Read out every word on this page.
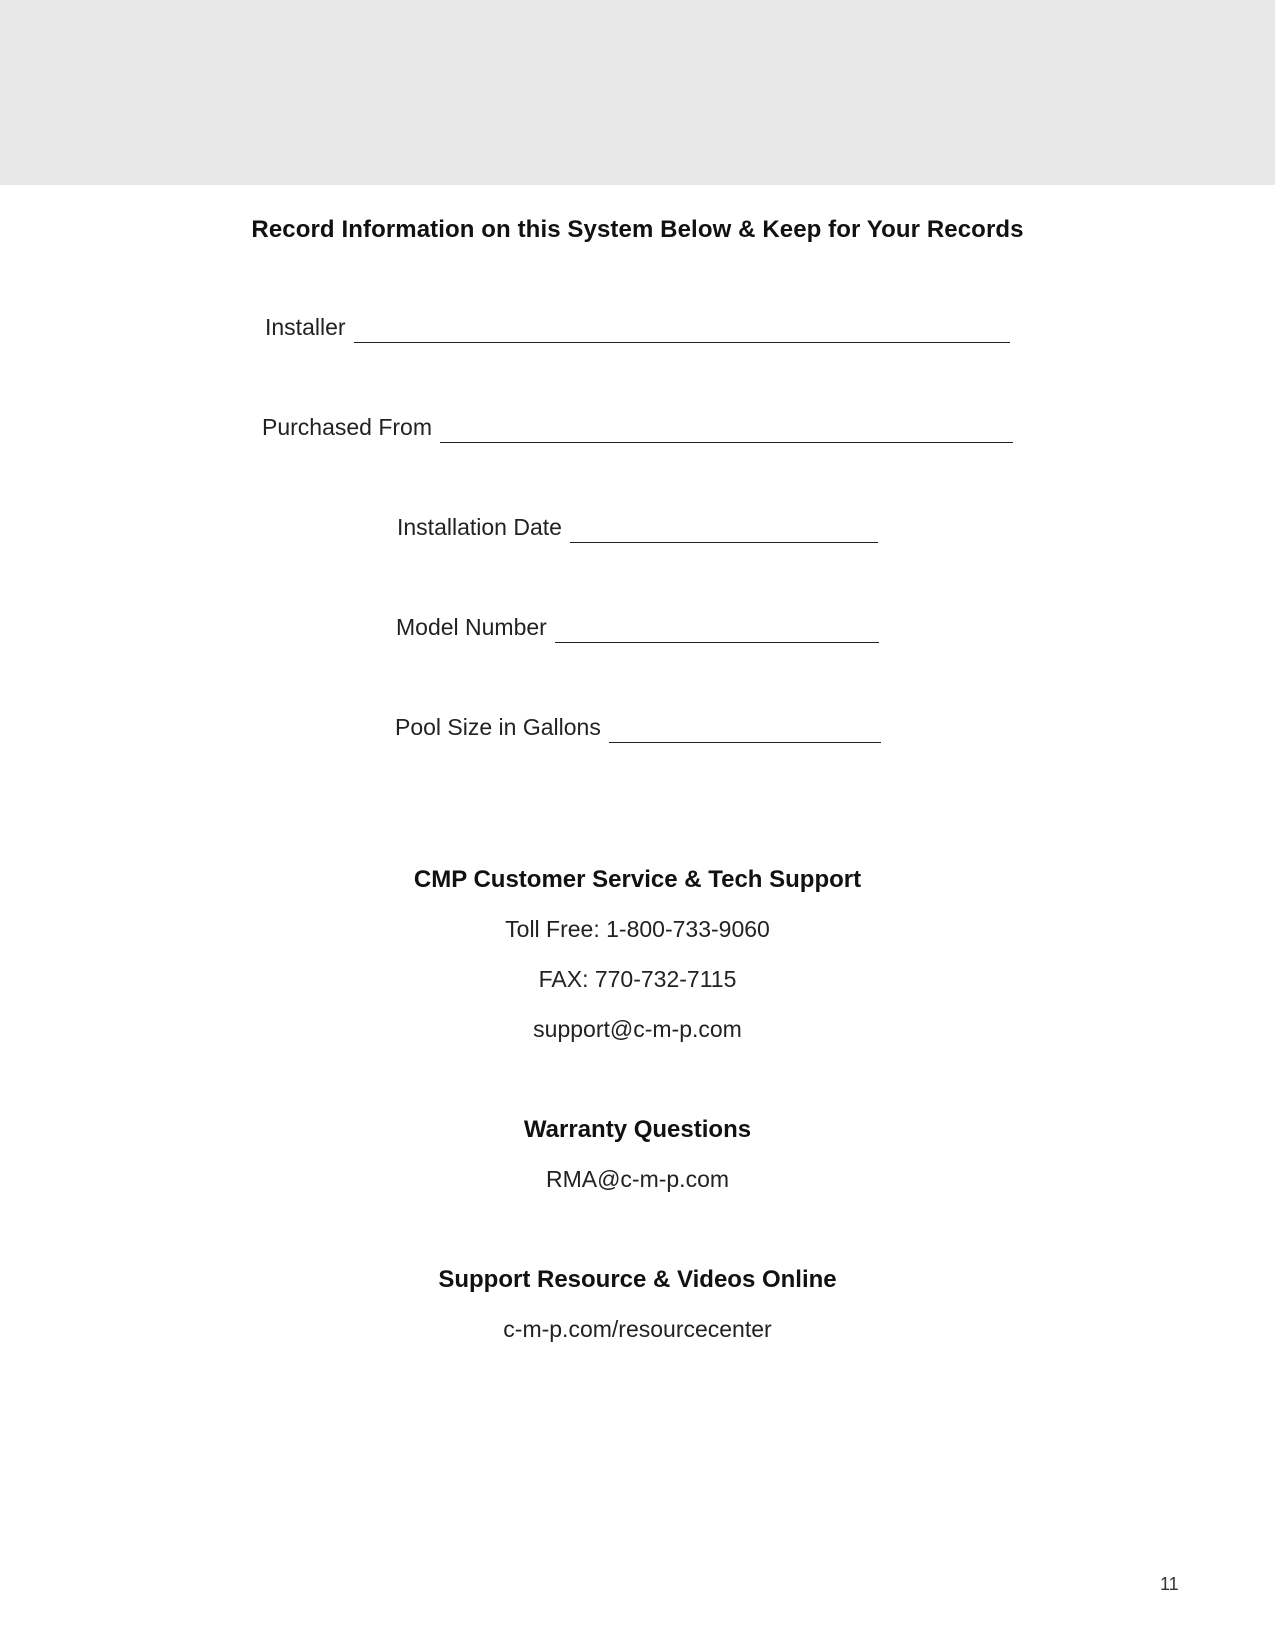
Record Information on this System Below & Keep for Your Records
Installer
Purchased From
Installation Date
Model Number
Pool Size in Gallons
CMP Customer Service & Tech Support
Toll Free: 1-800-733-9060
FAX: 770-732-7115
support@c-m-p.com
Warranty Questions
RMA@c-m-p.com
Support Resource & Videos Online
c-m-p.com/resourcecenter
11
